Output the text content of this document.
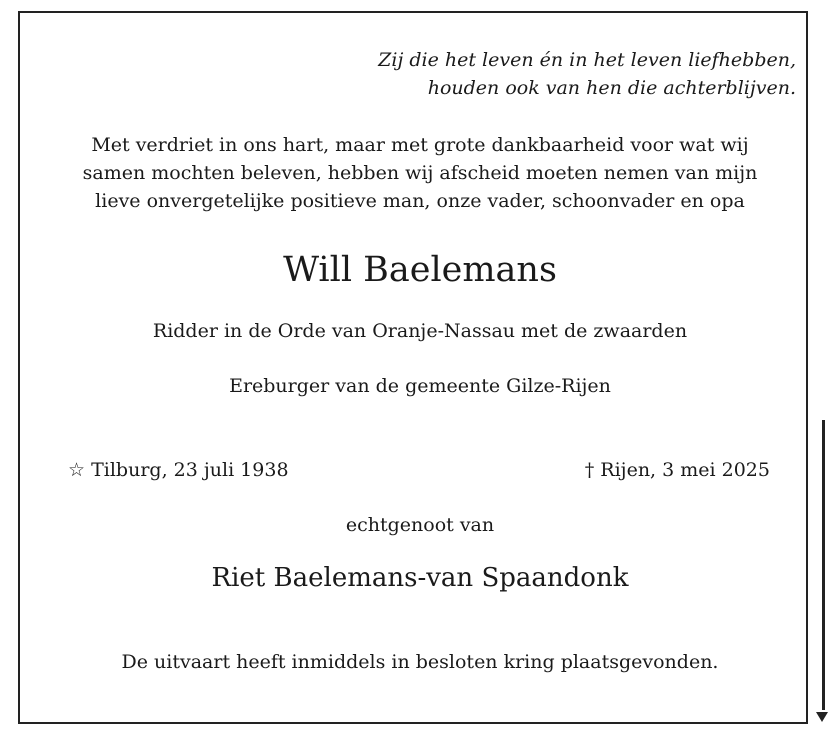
Zij die het leven én in het leven liefhebben,
houden ook van hen die achterblijven.

Met verdriet in ons hart, maar met grote dankbaarheid voor wat wij
samen mochten beleven, hebben wij afscheid moeten nemen van mijn
lieve onvergetelijke positieve man, onze vader, schoonvader en opa

Will Baelemans

Ridder in de Orde van Oranje-Nassau met de zwaarden

Ereburger van de gemeente Gilze-Rijen

☆ Tilburg, 23 juli 1938	† Rijen, 3 mei 2025

echtgenoot van

Riet Baelemans-van Spaandonk

De uitvaart heeft inmiddels in besloten kring plaatsgevonden.
